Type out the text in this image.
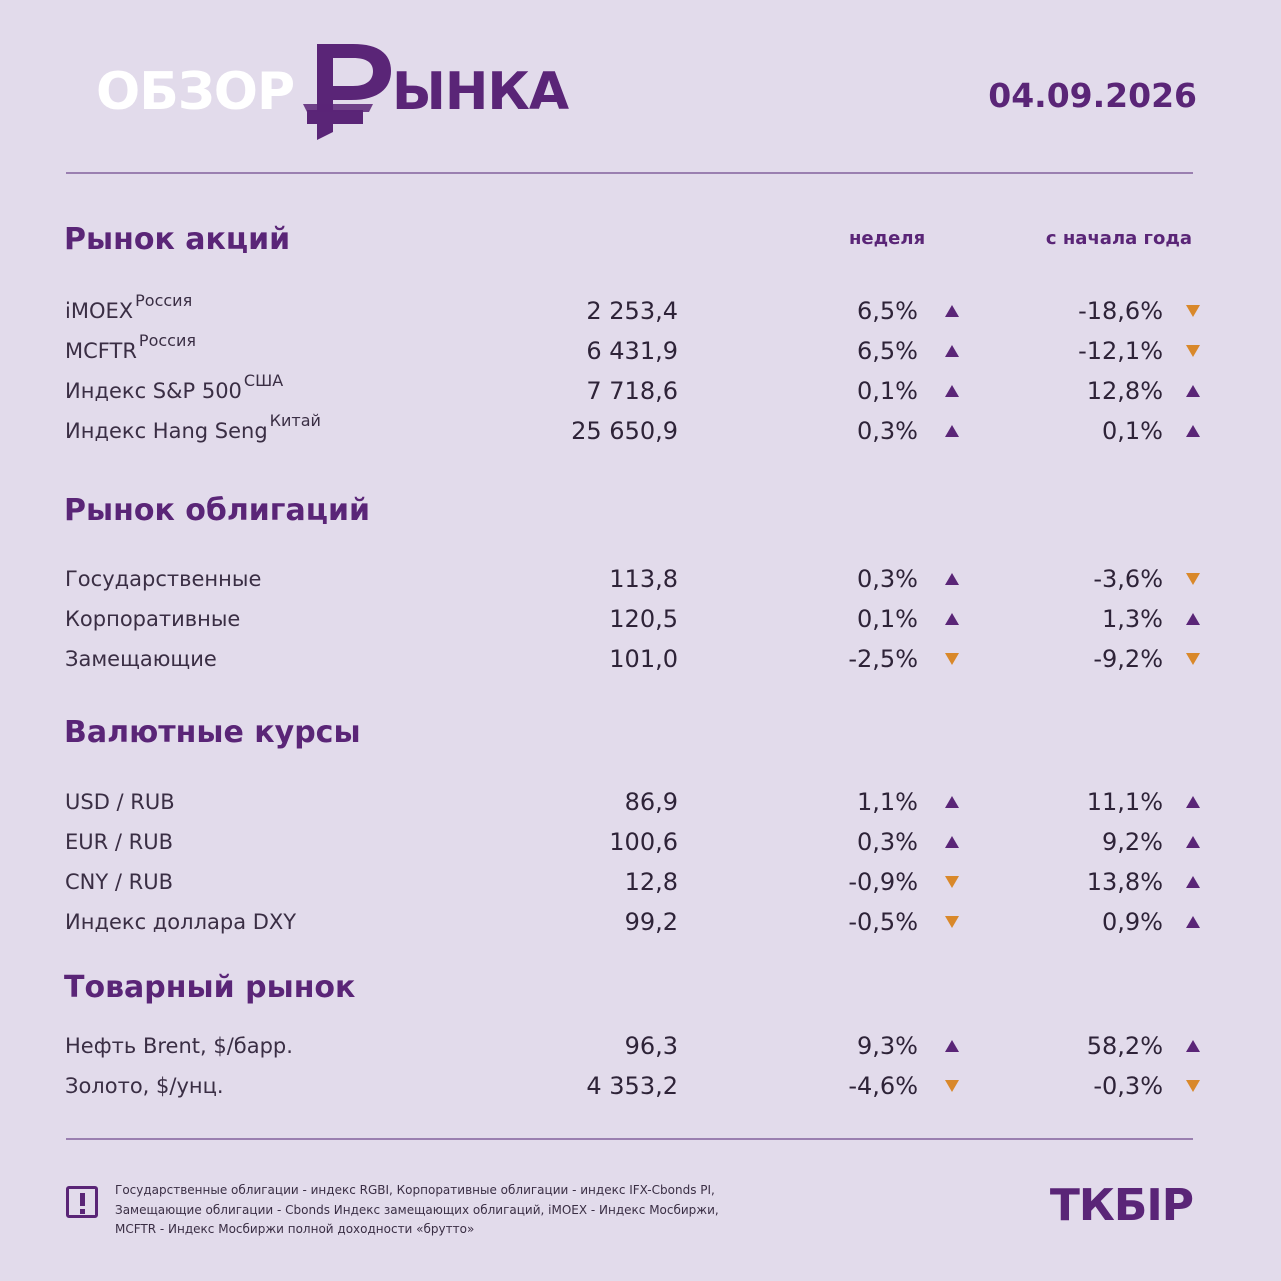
ОБЗОР ЫНКА	04.09.2026
Рынок акций	неделя	с начала года
iMOEX $^{Россия}$	2 253,4	6,5%	-18,6%
MCFTR $^{Россия}$	6 431,9	6,5%	-12,1%
Индекс S&P 500 $^{США}$	7 718,6	0,1%	12,8%
Индекс Hang Seng $^{Китай}$	25 650,9	0,3%	0,1%
Рынок облигаций
Государственные	113,8	0,3%	-3,6%
Корпоративные	120,5	0,1%	1,3%
Замещающие	101,0	-2,5%	-9,2%
Валютные курсы
USD / RUB	86,9	1,1%	11,1%
EUR / RUB	100,6	0,3%	9,2%
CNY / RUB	12,8	-0,9%	13,8%
Индекс доллара DXY	99,2	-0,5%	0,9%
Товарный рынок
Нефть Brent, $/барр.	96,3	9,3%	58,2%
Золото, $/унц.	4 353,2	-4,6%	-0,3%
Государственные облигации - индекс RGBI, Корпоративные облигации - индекс IFX-Cbonds PI,
Замещающие облигации - Cbonds Индекс замещающих облигаций, iMOEX - Индекс Мосбиржи,
MCFTR - Индекс Мосбиржи полной доходности «брутто»	ТКБІР
